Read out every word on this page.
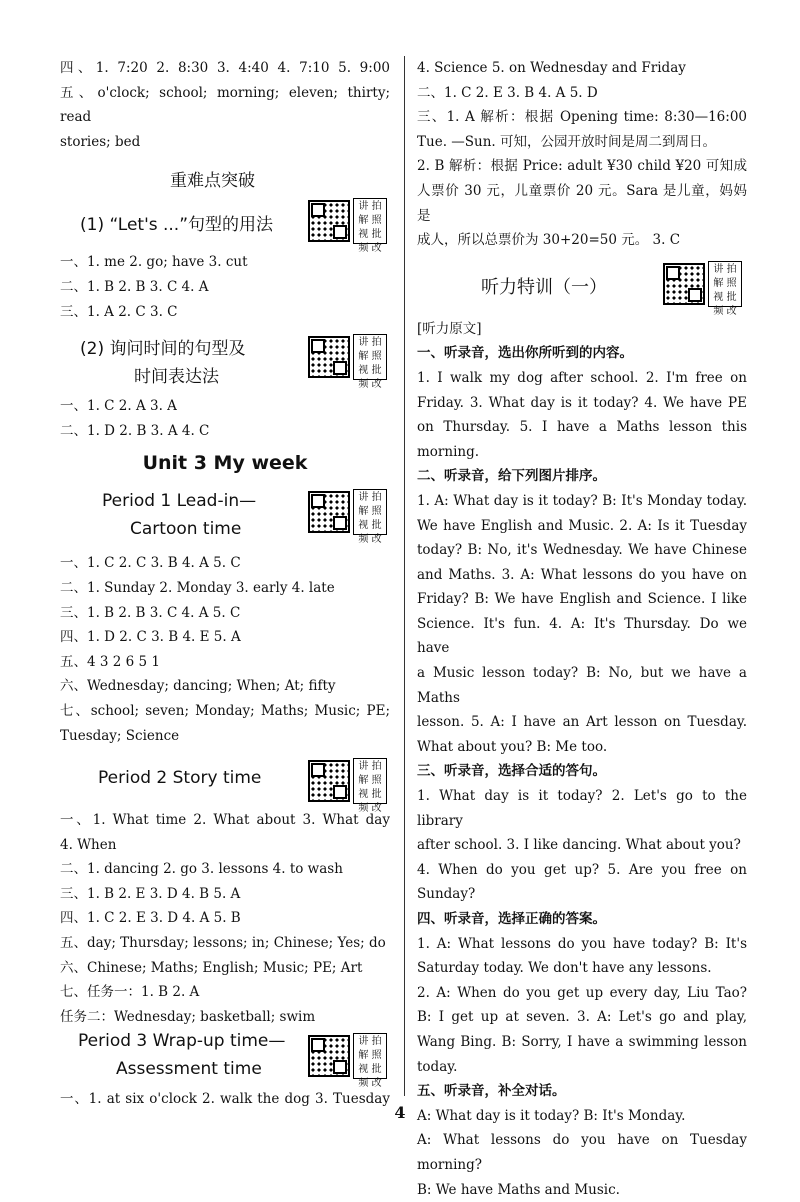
四、1. 7:20 2. 8:30 3. 4:40 4. 7:10 5. 9:00
五、o'clock; school; morning; eleven; thirty; read
stories; bed
重难点突破
(1) “Let's ...”句型的用法
讲 拍
解 照
视 批
频 改
一、1. me 2. go; have 3. cut
二、1. B 2. B 3. C 4. A
三、1. A 2. C 3. C
(2) 询问时间的句型及
时间表达法
讲 拍
解 照
视 批
频 改
一、1. C 2. A 3. A
二、1. D 2. B 3. A 4. C
Unit 3 My week
Period 1 Lead-in—
Cartoon time
讲 拍
解 照
视 批
频 改
一、1. C 2. C 3. B 4. A 5. C
二、1. Sunday 2. Monday 3. early 4. late
三、1. B 2. B 3. C 4. A 5. C
四、1. D 2. C 3. B 4. E 5. A
五、4 3 2 6 5 1
六、Wednesday; dancing; When; At; fifty
七、school; seven; Monday; Maths; Music; PE;
Tuesday; Science
Period 2 Story time
讲 拍
解 照
视 批
频 改
一、1. What time 2. What about 3. What day
4. When
二、1. dancing 2. go 3. lessons 4. to wash
三、1. B 2. E 3. D 4. B 5. A
四、1. C 2. E 3. D 4. A 5. B
五、day; Thursday; lessons; in; Chinese; Yes; do
六、Chinese; Maths; English; Music; PE; Art
七、任务一：1. B 2. A
任务二：Wednesday; basketball; swim
Period 3 Wrap-up time—
Assessment time
讲 拍
解 照
视 批
频 改
一、1. at six o'clock 2. walk the dog 3. Tuesday
4. Science 5. on Wednesday and Friday
二、1. C 2. E 3. B 4. A 5. D
三、1. A 解析：根据 Opening time: 8:30—16:00
Tue. —Sun. 可知，公园开放时间是周二到周日。
2. B 解析：根据 Price: adult ¥30 child ¥20 可知成
人票价 30 元，儿童票价 20 元。Sara 是儿童，妈妈是
成人，所以总票价为 30+20=50 元。 3. C
听力特训（一）
讲 拍
解 照
视 批
频 改
[听力原文]
一、听录音，选出你所听到的内容。
1. I walk my dog after school. 2. I'm free on
Friday. 3. What day is it today? 4. We have PE
on Thursday. 5. I have a Maths lesson this
morning.
二、听录音，给下列图片排序。
1. A: What day is it today? B: It's Monday today.
We have English and Music. 2. A: Is it Tuesday
today? B: No, it's Wednesday. We have Chinese
and Maths. 3. A: What lessons do you have on
Friday? B: We have English and Science. I like
Science. It's fun. 4. A: It's Thursday. Do we have
a Music lesson today? B: No, but we have a Maths
lesson. 5. A: I have an Art lesson on Tuesday.
What about you? B: Me too.
三、听录音，选择合适的答句。
1. What day is it today? 2. Let's go to the library
after school. 3. I like dancing. What about you?
4. When do you get up? 5. Are you free on
Sunday?
四、听录音，选择正确的答案。
1. A: What lessons do you have today? B: It's
Saturday today. We don't have any lessons.
2. A: When do you get up every day, Liu Tao?
B: I get up at seven. 3. A: Let's go and play,
Wang Bing. B: Sorry, I have a swimming lesson
today.
五、听录音，补全对话。
A: What day is it today? B: It's Monday.
A: What lessons do you have on Tuesday morning?
B: We have Maths and Music.
4
